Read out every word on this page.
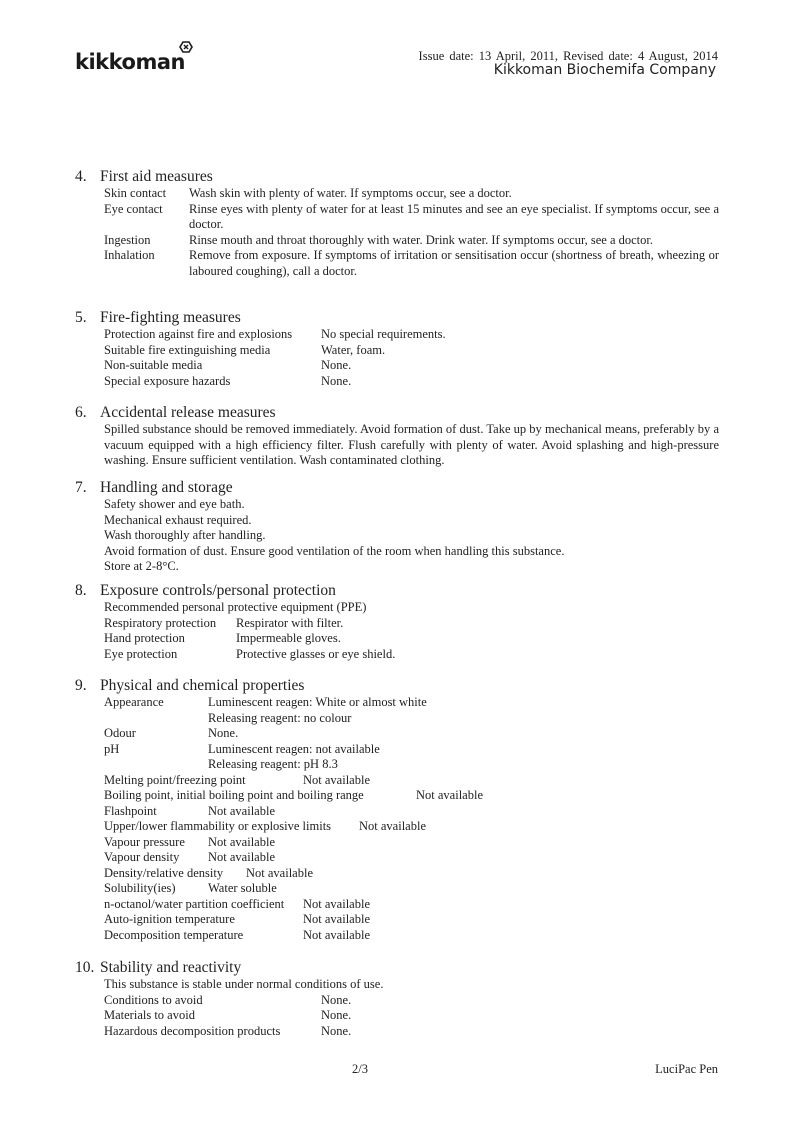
kikkoman	Issue date: 13 April, 2011, Revised date: 4 August, 2014
Kikkoman Biochemifa Company
4. First aid measures
Skin contact	Wash skin with plenty of water. If symptoms occur, see a doctor.
Eye contact	Rinse eyes with plenty of water for at least 15 minutes and see an eye specialist. If symptoms occur, see a doctor.
Ingestion	Rinse mouth and throat thoroughly with water. Drink water. If symptoms occur, see a doctor.
Inhalation	Remove from exposure. If symptoms of irritation or sensitisation occur (shortness of breath, wheezing or laboured coughing), call a doctor.
5. Fire-fighting measures
Protection against fire and explosions	No special requirements.
Suitable fire extinguishing media	Water, foam.
Non-suitable media	None.
Special exposure hazards	None.
6. Accidental release measures
Spilled substance should be removed immediately. Avoid formation of dust. Take up by mechanical means, preferably by a vacuum equipped with a high efficiency filter. Flush carefully with plenty of water. Avoid splashing and high-pressure washing. Ensure sufficient ventilation. Wash contaminated clothing.
7. Handling and storage
Safety shower and eye bath.
Mechanical exhaust required.
Wash thoroughly after handling.
Avoid formation of dust. Ensure good ventilation of the room when handling this substance.
Store at 2-8°C.
8. Exposure controls/personal protection
Recommended personal protective equipment (PPE)
Respiratory protection	Respirator with filter.
Hand protection	Impermeable gloves.
Eye protection	Protective glasses or eye shield.
9. Physical and chemical properties
Appearance	Luminescent reagen: White or almost white
Releasing reagent: no colour
Odour	None.
pH	Luminescent reagen: not available
Releasing reagent: pH 8.3
Melting point/freezing point	Not available
Boiling point, initial boiling point and boiling range	Not available
Flashpoint	Not available
Upper/lower flammability or explosive limits	Not available
Vapour pressure	Not available
Vapour density	Not available
Density/relative density	Not available
Solubility(ies)	Water soluble
n-octanol/water partition coefficient	Not available
Auto-ignition temperature	Not available
Decomposition temperature	Not available
10. Stability and reactivity
This substance is stable under normal conditions of use.
Conditions to avoid	None.
Materials to avoid	None.
Hazardous decomposition products	None.
2/3	LuciPac Pen
